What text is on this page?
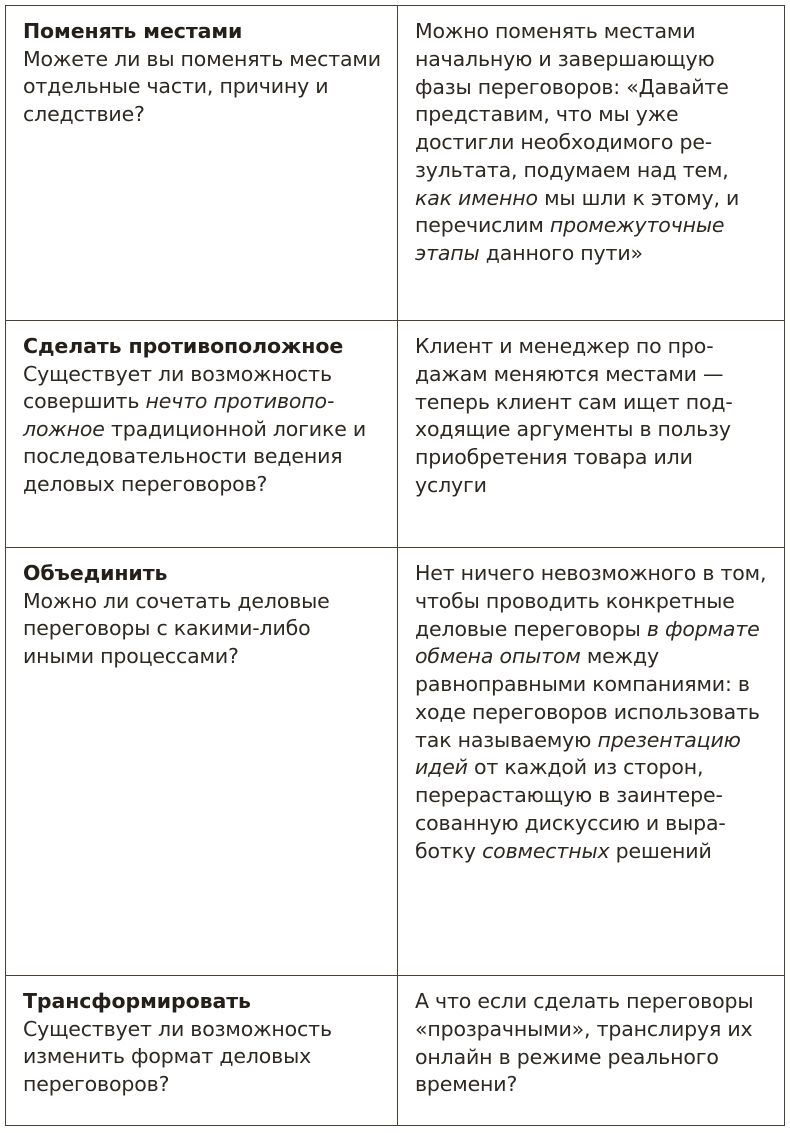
Поменять местами

Можете ли вы поменять местами отдельные части, причину и следствие?	Можно поменять местами начальную и завершающую фазы переговоров: «Давайте представим, что мы уже достигли необходимого результата, подумаем над тем, как именно мы шли к этому, и перечислим промежуточные этапы данного пути»

Сделать противоположное

Существует ли возможность совершить нечто противоположное традиционной логике и последовательности ведения деловых переговоров?	Клиент и менеджер по продажам меняются местами — теперь клиент сам ищет подходящие аргументы в пользу приобретения товара или услуги

Объединить

Можно ли сочетать деловые переговоры с какими-либо иными процессами?	Нет ничего невозможного в том, чтобы проводить конкретные деловые переговоры в формате обмена опытом между равноправными компаниями: в ходе переговоров использовать так называемую презентацию идей от каждой из сторон, перерастающую в заинтересованную дискуссию и выработку совместных решений

Трансформировать

Существует ли возможность изменить формат деловых переговоров?	А что если сделать переговоры «прозрачными», транслируя их онлайн в режиме реального времени?
